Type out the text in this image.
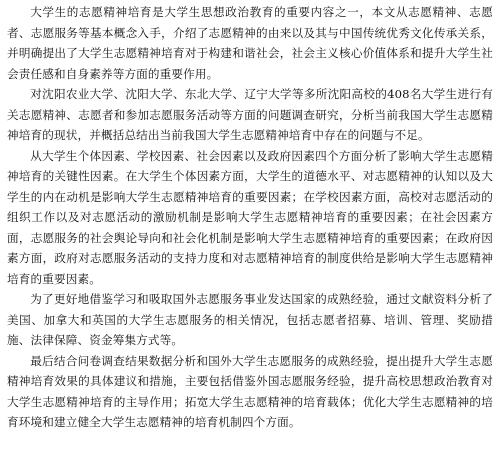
大学生的志愿精神培育是大学生思想政治教育的重要内容之一，本文从志愿精神、志愿者、志愿服务等基本概念入手，介绍了志愿精神的由来以及其与中国传统优秀文化传承关系，并明确提出了大学生志愿精神培育对于构建和谐社会，社会主义核心价值体系和提升大学生社会责任感和自身素养等方面的重要作用。

对沈阳农业大学、沈阳大学、东北大学、辽宁大学等多所沈阳高校的408名大学生进行有关志愿精神、志愿者和参加志愿服务活动等方面的问题调查研究，分析当前我国大学生志愿精神培育的现状，并概括总结出当前我国大学生志愿精神培育中存在的问题与不足。

从大学生个体因素、学校因素、社会因素以及政府因素四个方面分析了影响大学生志愿精神培育的关键性因素。在大学生个体因素方面，大学生的道德水平、对志愿精神的认知以及大学生的内在动机是影响大学生志愿精神培育的重要因素；在学校因素方面，高校对志愿活动的组织工作以及对志愿活动的激励机制是影响大学生志愿精神培育的重要因素；在社会因素方面，志愿服务的社会舆论导向和社会化机制是影响大学生志愿精神培育的重要因素；在政府因素方面，政府对志愿服务活动的支持力度和对志愿精神培育的制度供给是影响大学生志愿精神培育的重要因素。

为了更好地借鉴学习和吸取国外志愿服务事业发达国家的成熟经验，通过文献资料分析了美国、加拿大和英国的大学生志愿服务的相关情况，包括志愿者招募、培训、管理、奖励措施、法律保障、资金筹集方式等。

最后结合问卷调查结果数据分析和国外大学生志愿服务的成熟经验，提出提升大学生志愿精神培育效果的具体建议和措施，主要包括借鉴外国志愿服务经验，提升高校思想政治教育对大学生志愿精神培育的主导作用；拓宽大学生志愿精神的培育载体；优化大学生志愿精神的培育环境和建立健全大学生志愿精神的培育机制四个方面。
